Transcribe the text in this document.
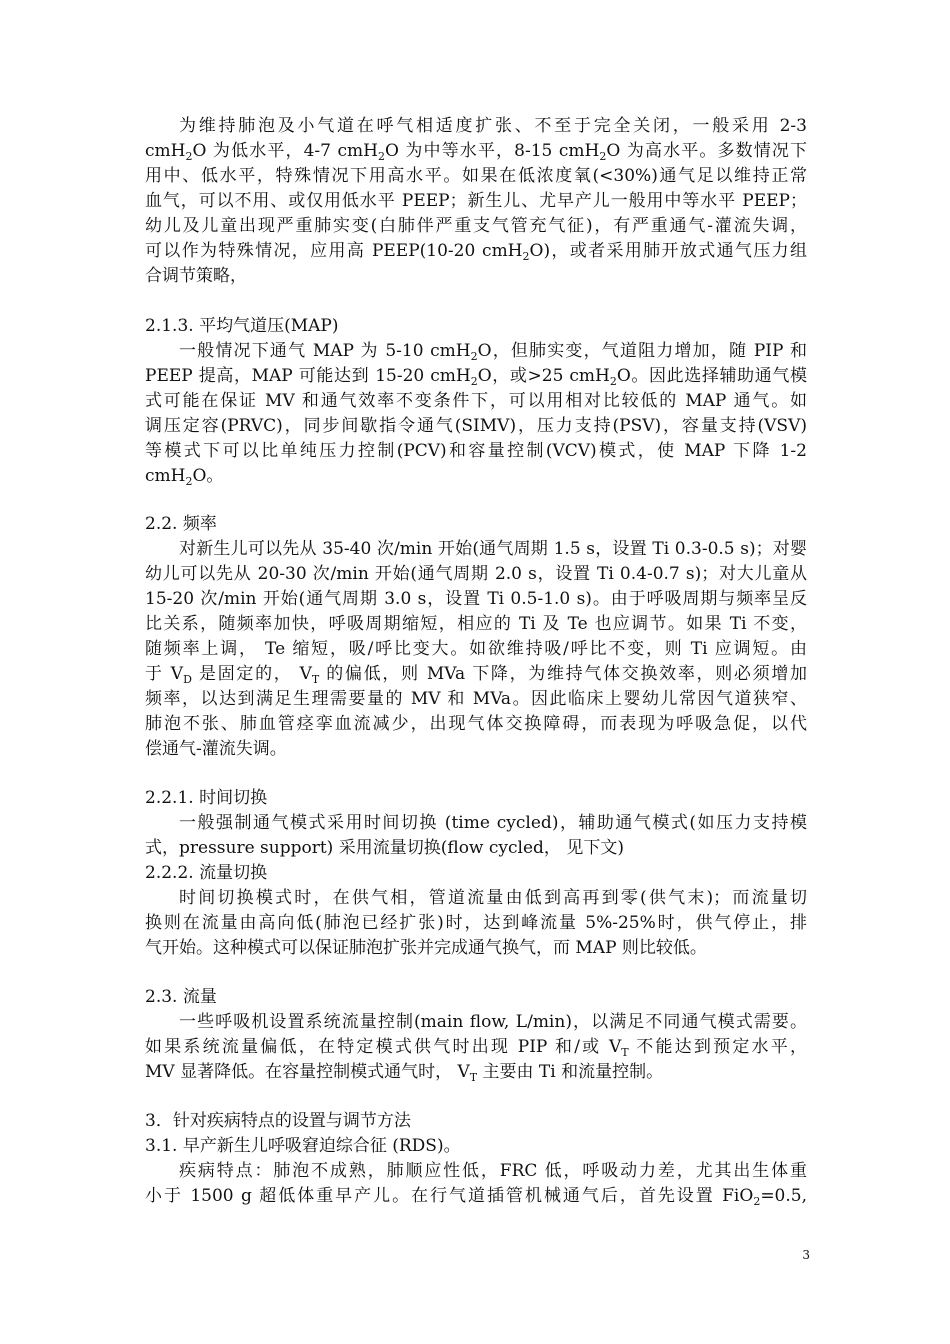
为维持肺泡及小气道在呼气相适度扩张、不至于完全关闭，一般采用 2-3
cmH$_2$O 为低水平，4-7 cmH$_2$O 为中等水平，8-15 cmH$_2$O 为高水平。多数情况下
用中、低水平，特殊情况下用高水平。如果在低浓度氧(<30%)通气足以维持正常
血气，可以不用、或仅用低水平 PEEP；新生儿、尤早产儿一般用中等水平 PEEP；
幼儿及儿童出现严重肺实变(白肺伴严重支气管充气征)，有严重通气-灌流失调，
可以作为特殊情况，应用高 PEEP(10-20 cmH$_2$O)，或者采用肺开放式通气压力组
合调节策略，
2.1.3. 平均气道压(MAP)
一般情况下通气 MAP 为 5-10 cmH$_2$O，但肺实变，气道阻力增加，随 PIP 和
PEEP 提高，MAP 可能达到 15-20 cmH$_2$O，或>25 cmH$_2$O。因此选择辅助通气模
式可能在保证 MV 和通气效率不变条件下，可以用相对比较低的 MAP 通气。如
调压定容(PRVC)，同步间歇指令通气(SIMV)，压力支持(PSV)，容量支持(VSV)
等模式下可以比单纯压力控制(PCV)和容量控制(VCV)模式，使 MAP 下降 1-2
cmH$_2$O。
2.2. 频率
对新生儿可以先从 35-40 次/min 开始(通气周期 1.5 s，设置 Ti 0.3-0.5 s)；对婴
幼儿可以先从 20-30 次/min 开始(通气周期 2.0 s，设置 Ti 0.4-0.7 s)；对大儿童从
15-20 次/min 开始(通气周期 3.0 s，设置 Ti 0.5-1.0 s)。由于呼吸周期与频率呈反
比关系，随频率加快，呼吸周期缩短，相应的 Ti 及 Te 也应调节。如果 Ti 不变，
随频率上调， Te 缩短，吸/呼比变大。如欲维持吸/呼比不变，则 Ti 应调短。由
于 $V_D$ 是固定的， $V_T$ 的偏低，则 MVa 下降，为维持气体交换效率，则必须增加
频率，以达到满足生理需要量的 MV 和 MVa。因此临床上婴幼儿常因气道狭窄、
肺泡不张、肺血管痉挛血流减少，出现气体交换障碍，而表现为呼吸急促，以代
偿通气-灌流失调。
2.2.1. 时间切换
一般强制通气模式采用时间切换 (time cycled)，辅助通气模式(如压力支持模
式，pressure support) 采用流量切换(flow cycled， 见下文)
2.2.2. 流量切换
时间切换模式时，在供气相，管道流量由低到高再到零(供气末)；而流量切
换则在流量由高向低(肺泡已经扩张)时，达到峰流量 5%-25%时，供气停止，排
气开始。这种模式可以保证肺泡扩张并完成通气换气，而 MAP 则比较低。
2.3. 流量
一些呼吸机设置系统流量控制(main flow, L/min)，以满足不同通气模式需要。
如果系统流量偏低，在特定模式供气时出现 PIP 和/或 $V_T$ 不能达到预定水平，
MV 显著降低。在容量控制模式通气时， $V_T$ 主要由 Ti 和流量控制。
3．针对疾病特点的设置与调节方法
3.1. 早产新生儿呼吸窘迫综合征 (RDS)。
疾病特点：肺泡不成熟，肺顺应性低，FRC 低，呼吸动力差，尤其出生体重
小于 1500 g 超低体重早产儿。在行气道插管机械通气后，首先设置 FiO$_2$=0.5,
3
